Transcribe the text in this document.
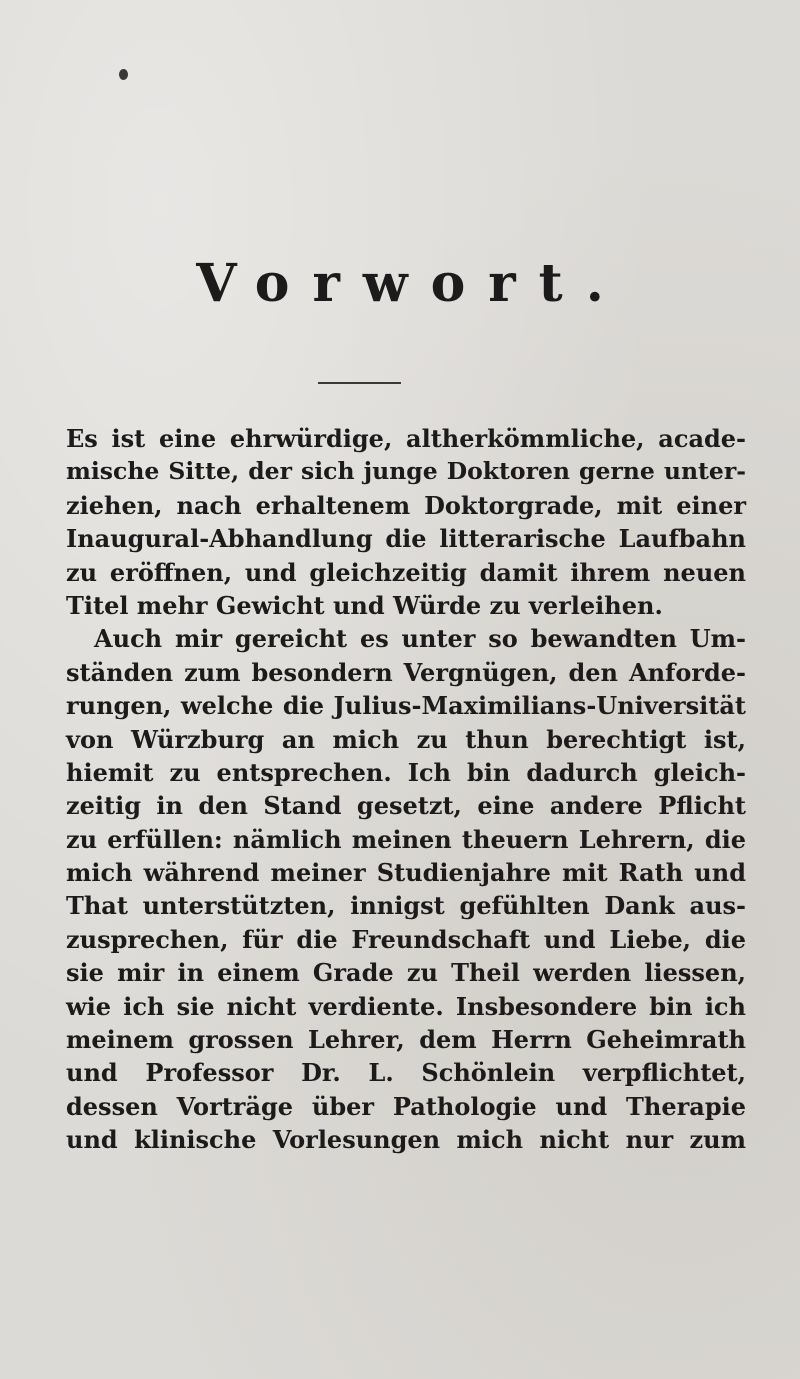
Vorwort.
Es ist eine ehrwürdige, altherkömmliche, acade-
mische Sitte, der sich junge Doktoren gerne unter-
ziehen, nach erhaltenem Doktorgrade, mit einer
Inaugural-Abhandlung die litterarische Laufbahn
zu eröffnen, und gleichzeitig damit ihrem neuen
Titel mehr Gewicht und Würde zu verleihen.
Auch mir gereicht es unter so bewandten Um-
ständen zum besondern Vergnügen, den Anforde-
rungen, welche die Julius-Maximilians-Universität
von Würzburg an mich zu thun berechtigt ist,
hiemit zu entsprechen. Ich bin dadurch gleich-
zeitig in den Stand gesetzt, eine andere Pflicht
zu erfüllen: nämlich meinen theuern Lehrern, die
mich während meiner Studienjahre mit Rath und
That unterstützten, innigst gefühlten Dank aus-
zusprechen, für die Freundschaft und Liebe, die
sie mir in einem Grade zu Theil werden liessen,
wie ich sie nicht verdiente. Insbesondere bin ich
meinem grossen Lehrer, dem Herrn Geheimrath
und Professor Dr. L. Schönlein verpflichtet,
dessen Vorträge über Pathologie und Therapie
und klinische Vorlesungen mich nicht nur zum
